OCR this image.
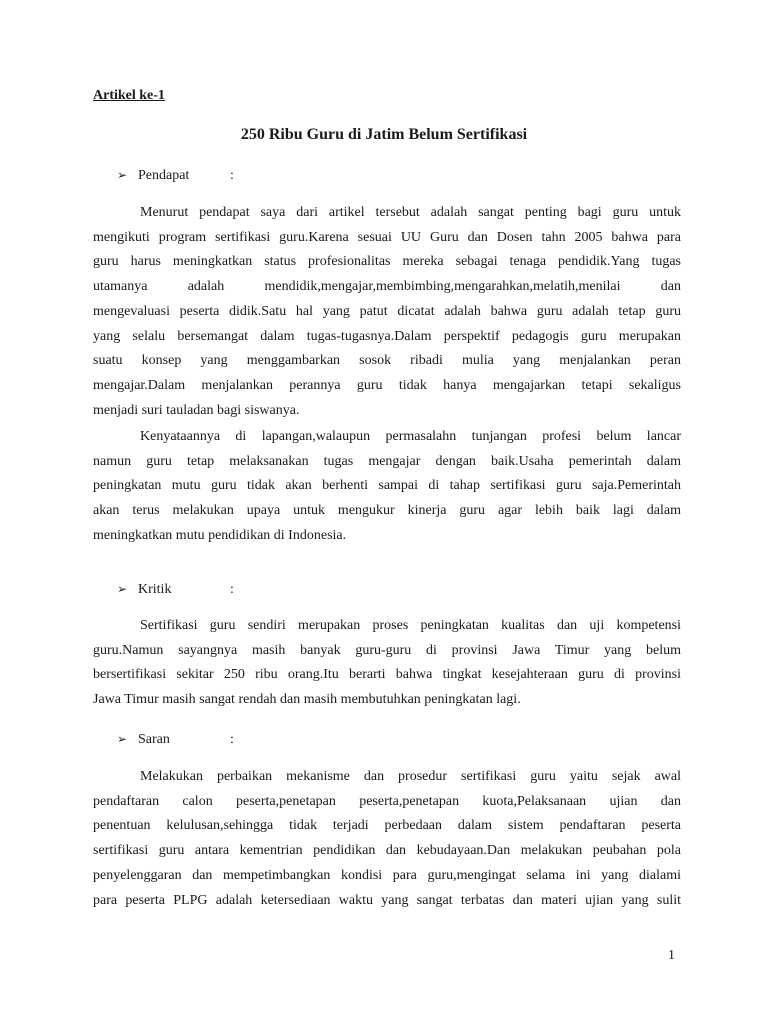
Artikel ke-1
250 Ribu Guru di Jatim Belum Sertifikasi
➢ Pendapat	:
Menurut pendapat saya dari artikel tersebut adalah sangat penting bagi guru untuk
mengikuti program sertifikasi guru.Karena sesuai UU Guru dan Dosen tahn 2005 bahwa para
guru harus meningkatkan status profesionalitas mereka sebagai tenaga pendidik.Yang tugas
utamanya adalah mendidik,mengajar,membimbing,mengarahkan,melatih,menilai dan
mengevaluasi peserta didik.Satu hal yang patut dicatat adalah bahwa guru adalah tetap guru
yang selalu bersemangat dalam tugas-tugasnya.Dalam perspektif pedagogis guru merupakan
suatu konsep yang menggambarkan sosok ribadi mulia yang menjalankan peran
mengajar.Dalam menjalankan perannya guru tidak hanya mengajarkan tetapi sekaligus
menjadi suri tauladan bagi siswanya.
Kenyataannya di lapangan,walaupun permasalahn tunjangan profesi belum lancar
namun guru tetap melaksanakan tugas mengajar dengan baik.Usaha pemerintah dalam
peningkatan mutu guru tidak akan berhenti sampai di tahap sertifikasi guru saja.Pemerintah
akan terus melakukan upaya untuk mengukur kinerja guru agar lebih baik lagi dalam
meningkatkan mutu pendidikan di Indonesia.
➢ Kritik	:
Sertifikasi guru sendiri merupakan proses peningkatan kualitas dan uji kompetensi
guru.Namun sayangnya masih banyak guru-guru di provinsi Jawa Timur yang belum
bersertifikasi sekitar 250 ribu orang.Itu berarti bahwa tingkat kesejahteraan guru di provinsi
Jawa Timur masih sangat rendah dan masih membutuhkan peningkatan lagi.
➢ Saran	:
Melakukan perbaikan mekanisme dan prosedur sertifikasi guru yaitu sejak awal
pendaftaran calon peserta,penetapan peserta,penetapan kuota,Pelaksanaan ujian dan
penentuan kelulusan,sehingga tidak terjadi perbedaan dalam sistem pendaftaran peserta
sertifikasi guru antara kementrian pendidikan dan kebudayaan.Dan melakukan peubahan pola
penyelenggaran dan mempetimbangkan kondisi para guru,mengingat selama ini yang dialami
para peserta PLPG adalah ketersediaan waktu yang sangat terbatas dan materi ujian yang sulit
1
